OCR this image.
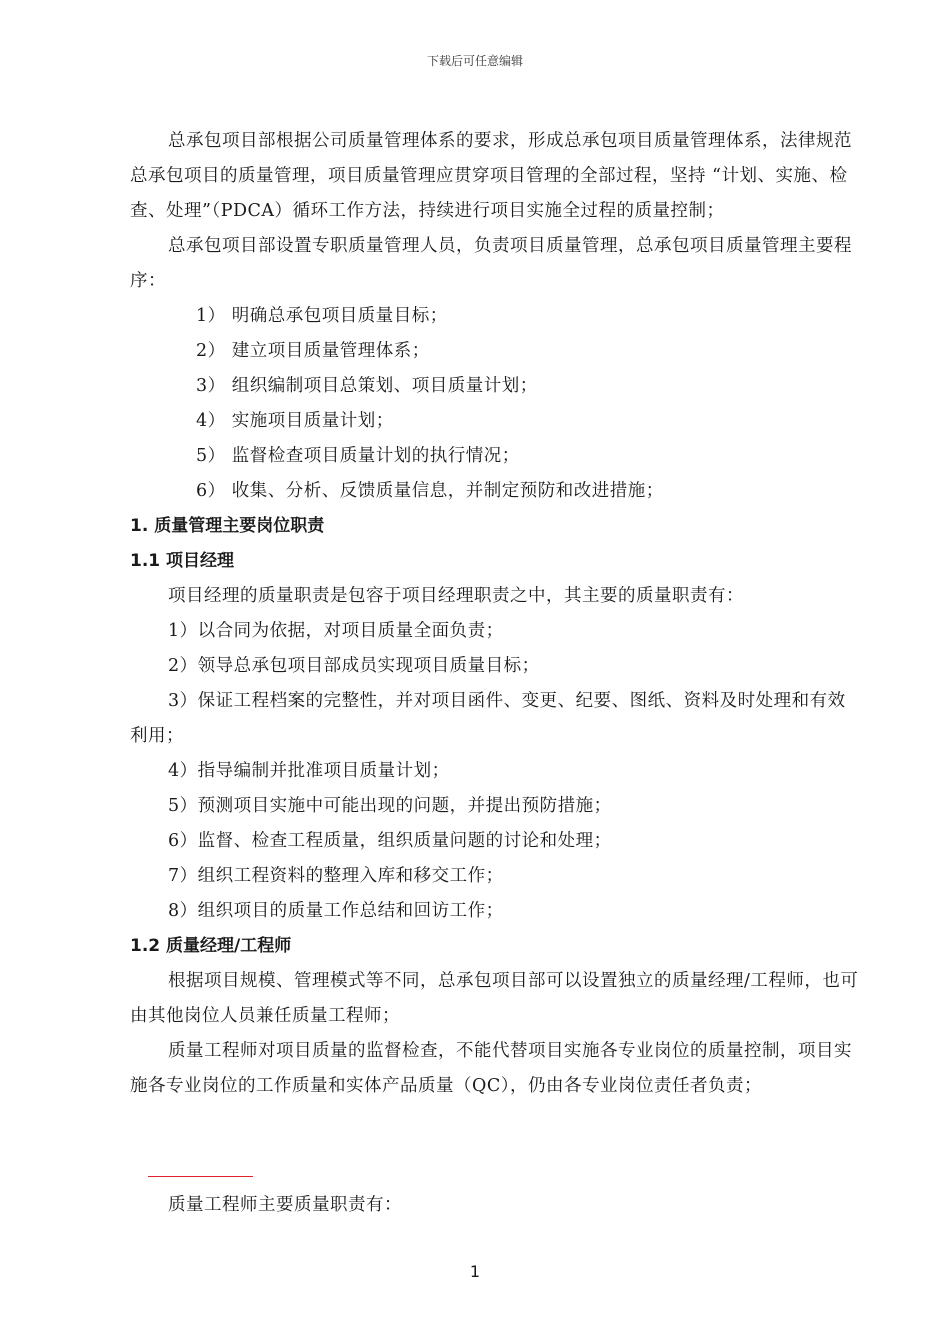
下载后可任意编辑

总承包项目部根据公司质量管理体系的要求，形成总承包项目质量管理体系，法律规范总承包项目的质量管理，项目质量管理应贯穿项目管理的全部过程，坚持 “计划、实施、检查、处理”（PDCA）循环工作方法，持续进行项目实施全过程的质量控制；

总承包项目部设置专职质量管理人员，负责项目质量管理，总承包项目质量管理主要程序：

1） 明确总承包项目质量目标；

2） 建立项目质量管理体系；

3） 组织编制项目总策划、项目质量计划；

4） 实施项目质量计划；

5） 监督检查项目质量计划的执行情况；

6） 收集、分析、反馈质量信息，并制定预防和改进措施；

1. 质量管理主要岗位职责

1.1 项目经理

项目经理的质量职责是包容于项目经理职责之中，其主要的质量职责有：

1）以合同为依据，对项目质量全面负责；

2）领导总承包项目部成员实现项目质量目标；

3）保证工程档案的完整性，并对项目函件、变更、纪要、图纸、资料及时处理和有效利用；

4）指导编制并批准项目质量计划；

5）预测项目实施中可能出现的问题，并提出预防措施；

6）监督、检查工程质量，组织质量问题的讨论和处理；

7）组织工程资料的整理入库和移交工作；

8）组织项目的质量工作总结和回访工作；

1.2 质量经理/工程师

根据项目规模、管理模式等不同，总承包项目部可以设置独立的质量经理/工程师，也可由其他岗位人员兼任质量工程师；

质量工程师对项目质量的监督检查，不能代替项目实施各专业岗位的质量控制，项目实施各专业岗位的工作质量和实体产品质量（QC），仍由各专业岗位责任者负责；

质量工程师主要质量职责有：

1
